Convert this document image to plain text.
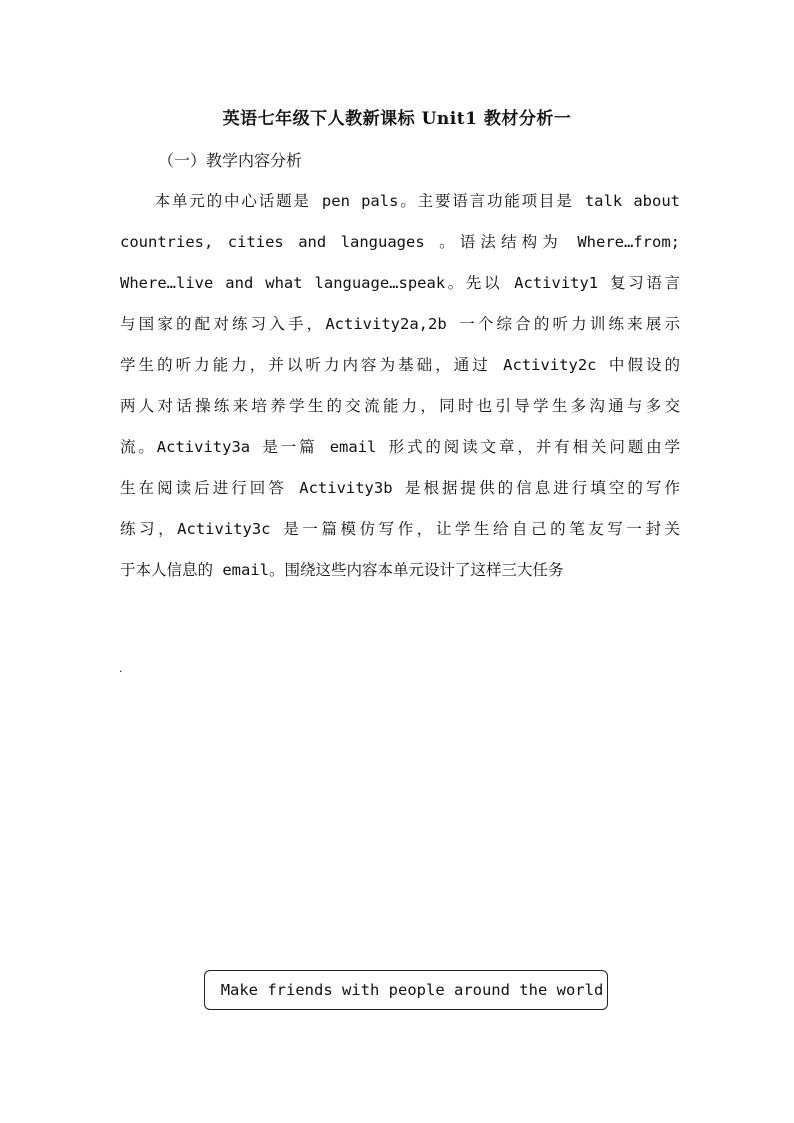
英语七年级下人教新课标 Unit1 教材分析一
（一）教学内容分析
　　本单元的中心话题是 pen pals。主要语言功能项目是 talk about
countries, cities and languages 。语法结构为 Where…from;
Where…live and what language…speak。先以 Activity1 复习语言
与国家的配对练习入手，Activity2a,2b 一个综合的听力训练来展示
学生的听力能力，并以听力内容为基础，通过 Activity2c 中假设的
两人对话操练来培养学生的交流能力，同时也引导学生多沟通与多交
流。Activity3a 是一篇 email 形式的阅读文章，并有相关问题由学
生在阅读后进行回答 Activity3b 是根据提供的信息进行填空的写作
练习，Activity3c 是一篇模仿写作，让学生给自己的笔友写一封关
于本人信息的 email。围绕这些内容本单元设计了这样三大任务
.
Make friends with people around the world
